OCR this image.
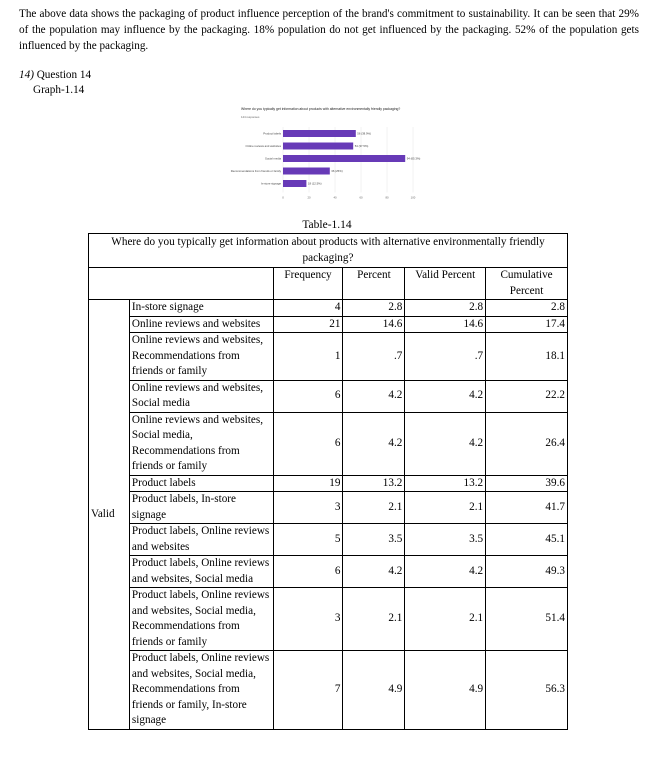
The above data shows the packaging of product influence perception of the brand's commitment to sustainability. It can be seen that 29% of the population may influence by the packaging. 18% population do not get influenced by the packaging. 52% of the population gets influenced by the packaging.
14) Question 14
Graph-1.14
Where do you typically get information about products with alternative environmentally friendly packaging?
144 responses
0	20	40	60	80	100
Product labels	56 (38.9%)
Online reviews and websites	54 (37.5%)
Social media	94 (65.3%)
Recommendations from friends or family	36 (25%)
In-store signage	18 (12.5%)
Table-1.14
Where do you typically get information about products with alternative environmentally friendly packaging?					
		Frequency	Percent	Valid Percent	Cumulative Percent
Valid	In-store signage	4	2.8	2.8	2.8
	Online reviews and websites	21	14.6	14.6	17.4
	Online reviews and websites, Recommendations from friends or family	1	.7	.7	18.1
	Online reviews and websites, Social media	6	4.2	4.2	22.2
	Online reviews and websites, Social media, Recommendations from friends or family	6	4.2	4.2	26.4
	Product labels	19	13.2	13.2	39.6
	Product labels, In-store signage	3	2.1	2.1	41.7
	Product labels, Online reviews and websites	5	3.5	3.5	45.1
	Product labels, Online reviews and websites, Social media	6	4.2	4.2	49.3
	Product labels, Online reviews and websites, Social media, Recommendations from friends or family	3	2.1	2.1	51.4
	Product labels, Online reviews and websites, Social media, Recommendations from friends or family, In-store signage	7	4.9	4.9	56.3
